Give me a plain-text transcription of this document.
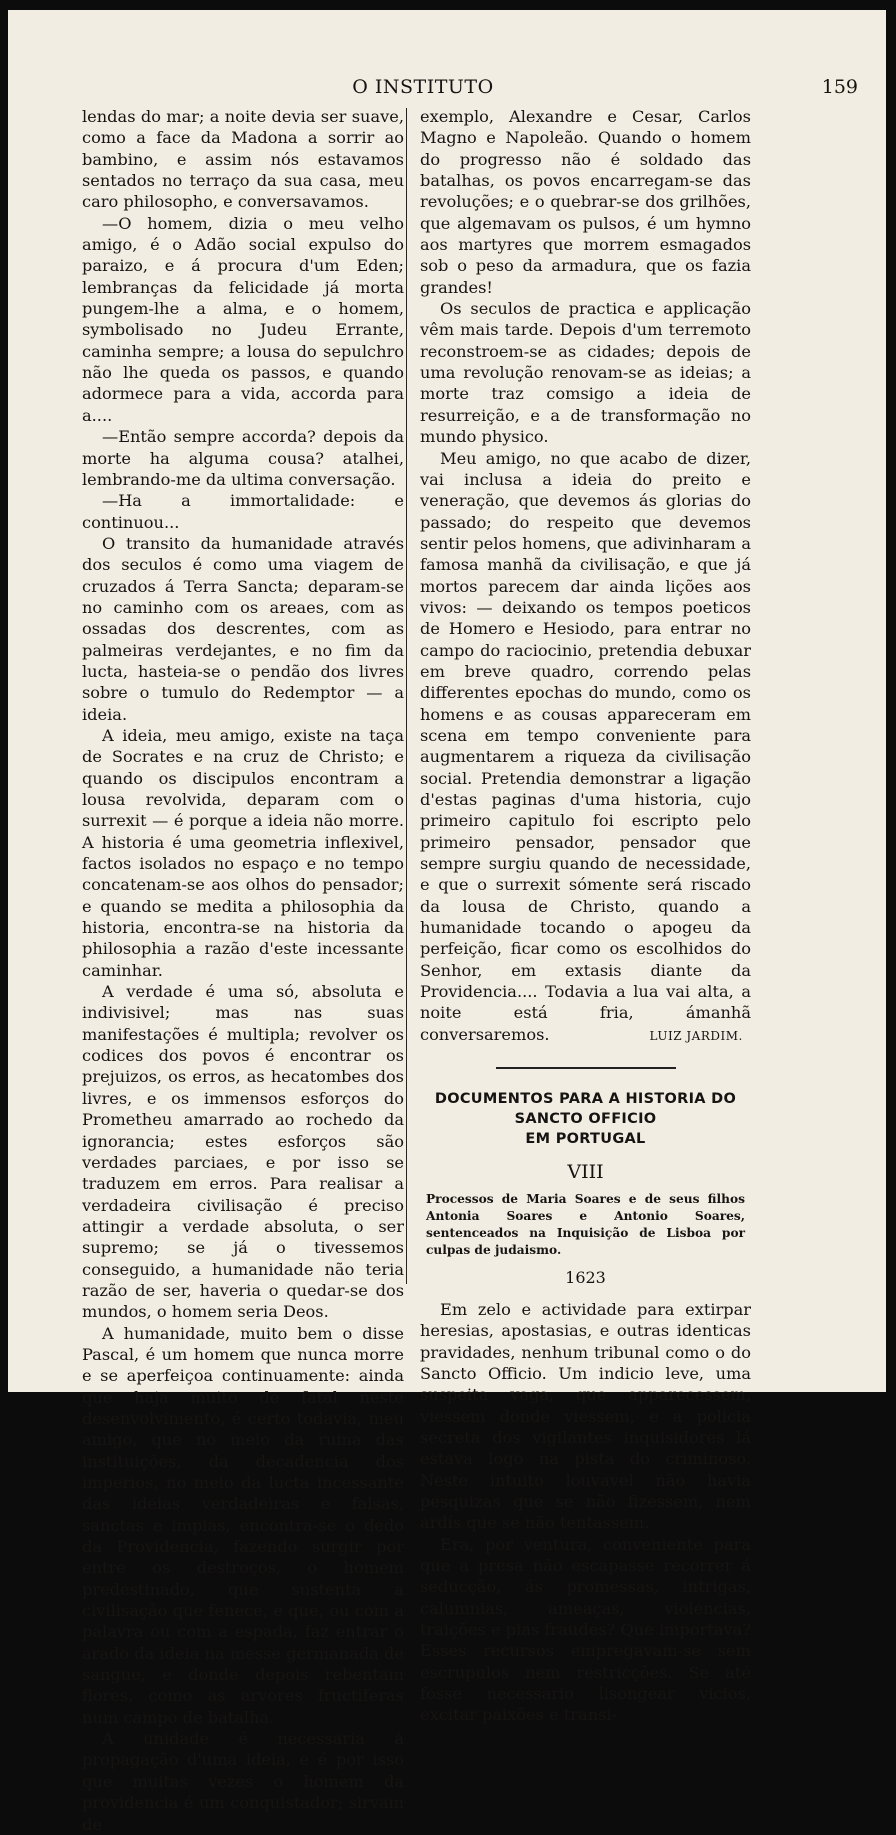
O INSTITUTO	159

lendas do mar; a noite devia ser suave, como a face da Madona a sorrir ao bambino, e assim nós estavamos sentados no terraço da sua casa, meu caro philosopho, e conversavamos.

—O homem, dizia o meu velho amigo, é o Adão social expulso do paraizo, e á procura d'um Eden; lembranças da felicidade já morta pungem-lhe a alma, e o homem, symbolisado no Judeu Errante, caminha sempre; a lousa do sepulchro não lhe queda os passos, e quando adormece para a vida, accorda para a....

—Então sempre accorda? depois da morte ha alguma cousa? atalhei, lembrando-me da ultima conversação.

—Ha a immortalidade: e continuou...

O transito da humanidade através dos seculos é como uma viagem de cruzados á Terra Sancta; deparam-se no caminho com os areaes, com as ossadas dos descrentes, com as palmeiras verdejantes, e no fim da lucta, hasteia-se o pendão dos livres sobre o tumulo do Redemptor — a ideia.

A ideia, meu amigo, existe na taça de Socrates e na cruz de Christo; e quando os discipulos encontram a lousa revolvida, deparam com o surrexit — é porque a ideia não morre. A historia é uma geometria inflexivel, factos isolados no espaço e no tempo concatenam-se aos olhos do pensador; e quando se medita a philosophia da historia, encontra-se na historia da philosophia a razão d'este incessante caminhar.

A verdade é uma só, absoluta e indivisivel; mas nas suas manifestações é multipla; revolver os codices dos povos é encontrar os prejuizos, os erros, as hecatombes dos livres, e os immensos esforços do Prometheu amarrado ao rochedo da ignorancia; estes esforços são verdades parciaes, e por isso se traduzem em erros. Para realisar a verdadeira civilisação é preciso attingir a verdade absoluta, o ser supremo; se já o tivessemos conseguido, a humanidade não teria razão de ser, haveria o quedar-se dos mundos, o homem seria Deos.

A humanidade, muito bem o disse Pascal, é um homem que nunca morre e se aperfeiçoa continuamente: ainda que haja muito de fatal neste desenvolvimento, é certo todavia, meu amigo, que no meio da ruina das instituições, da decadencia dos imperios, no meio da lucta incessante das ideias verdadeiras e falsas, sanctas e impias, encontra-se o dedo da Providencia, fazendo surgir por entre os destroços, o homem predestinado, que sustenta a civilisação que fenece, e que, ou com a palavra ou com a espada, faz entrar o arado da ideia na messe germanada de sangue, e donde depois rebentam flores, como as arvores fructiferas num campo de batalha.

A unidade é necessaria á propagação d'uma ideia, e é por isso que muitas vezes o homem da providencia é um conquistador; sirvam de

exemplo, Alexandre e Cesar, Carlos Magno e Napoleão. Quando o homem do progresso não é soldado das batalhas, os povos encarregam-se das revoluções; e o quebrar-se dos grilhões, que algemavam os pulsos, é um hymno aos martyres que morrem esmagados sob o peso da armadura, que os fazia grandes!

Os seculos de practica e applicação vêm mais tarde. Depois d'um terremoto reconstroem-se as cidades; depois de uma revolução renovam-se as ideias; a morte traz comsigo a ideia de resurreição, e a de transformação no mundo physico.

Meu amigo, no que acabo de dizer, vai inclusa a ideia do preito e veneração, que devemos ás glorias do passado; do respeito que devemos sentir pelos homens, que adivinharam a famosa manhã da civilisação, e que já mortos parecem dar ainda lições aos vivos: — deixando os tempos poeticos de Homero e Hesiodo, para entrar no campo do raciocinio, pretendia debuxar em breve quadro, correndo pelas differentes epochas do mundo, como os homens e as cousas appareceram em scena em tempo conveniente para augmentarem a riqueza da civilisação social. Pretendia demonstrar a ligação d'estas paginas d'uma historia, cujo primeiro capitulo foi escripto pelo primeiro pensador, pensador que sempre surgiu quando de necessidade, e que o surrexit sómente será riscado da lousa de Christo, quando a humanidade tocando o apogeu da perfeição, ficar como os escolhidos do Senhor, em extasis diante da Providencia.... Todavia a lua vai alta, a noite está fria, ámanhã conversaremos.	LUIZ JARDIM.

DOCUMENTOS PARA A HISTORIA DO SANCTO OFFICIO
EM PORTUGAL
VIII
Processos de Maria Soares e de seus filhos Antonia Soares e Antonio Soares, sentenceados na Inquisição de Lisboa por culpas de judaismo.
1623

Em zelo e actividade para extirpar heresias, apostasias, e outras identicas pravidades, nenhum tribunal como o do Sancto Officio. Um indicio leve, uma suspeita vaga, que apparecessem, viessem donde viessem, e a policia secreta dos vigilantes inquisidores lá estava logo na pista do criminoso. Neste intuito louvavel não havia pesquizas que se não fizessem, nem ardís que se não tentassem.

Era, por ventura, conveniente para que a presa não escapasse recorrer á seducção, ás promessas, intrigas, calumnias, ameaças, violencias, traições e pias fraudes? Que importava? Esses recursos empregavam-se sem escrupulos nem restricções. Se até fosse necessario lisongear vicios, excitar paixões e transi-
